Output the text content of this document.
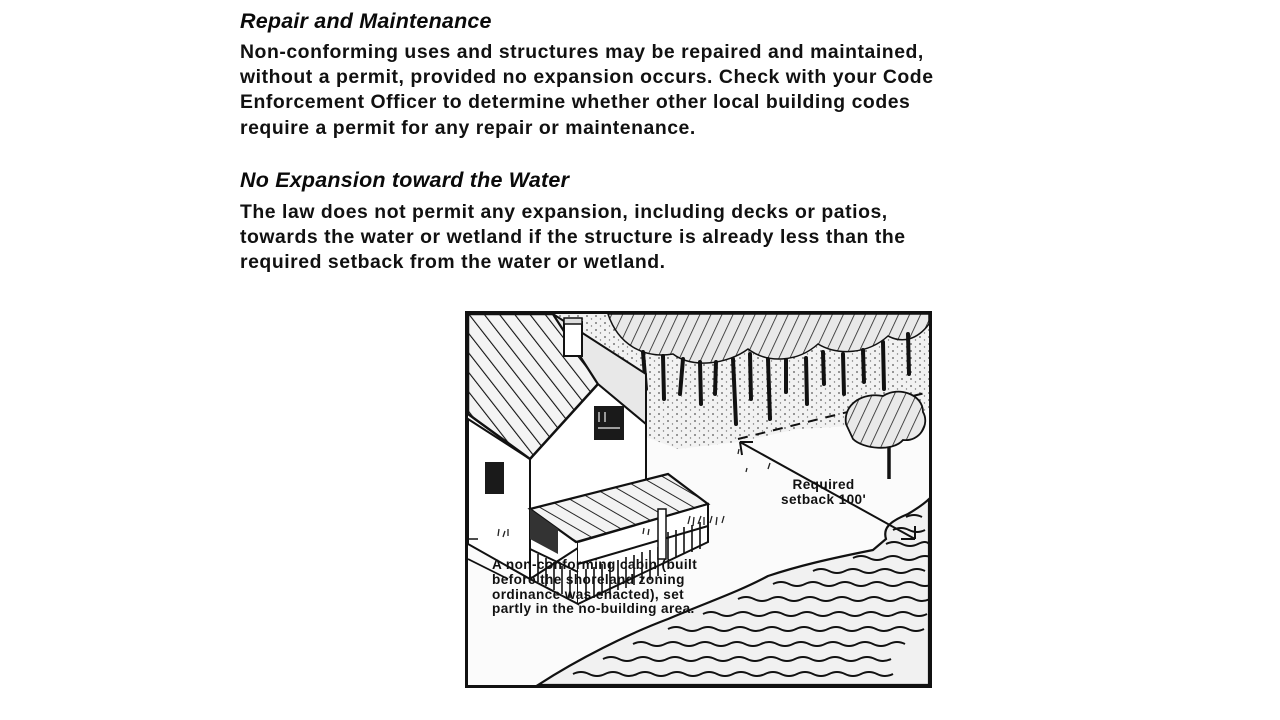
Repair and Maintenance

Non-conforming uses and structures may be repaired and maintained,
without a permit, provided no expansion occurs. Check with your Code
Enforcement Officer to determine whether other local building codes
require a permit for any repair or maintenance.

No Expansion toward the Water

The law does not permit any expansion, including decks or patios,
towards the water or wetland if the structure is already less than the
required setback from the water or wetland.

Required
setback 100'
A non-conforming cabin (built
before the shoreland zoning
ordinance was enacted), set
partly in the no-building area.
